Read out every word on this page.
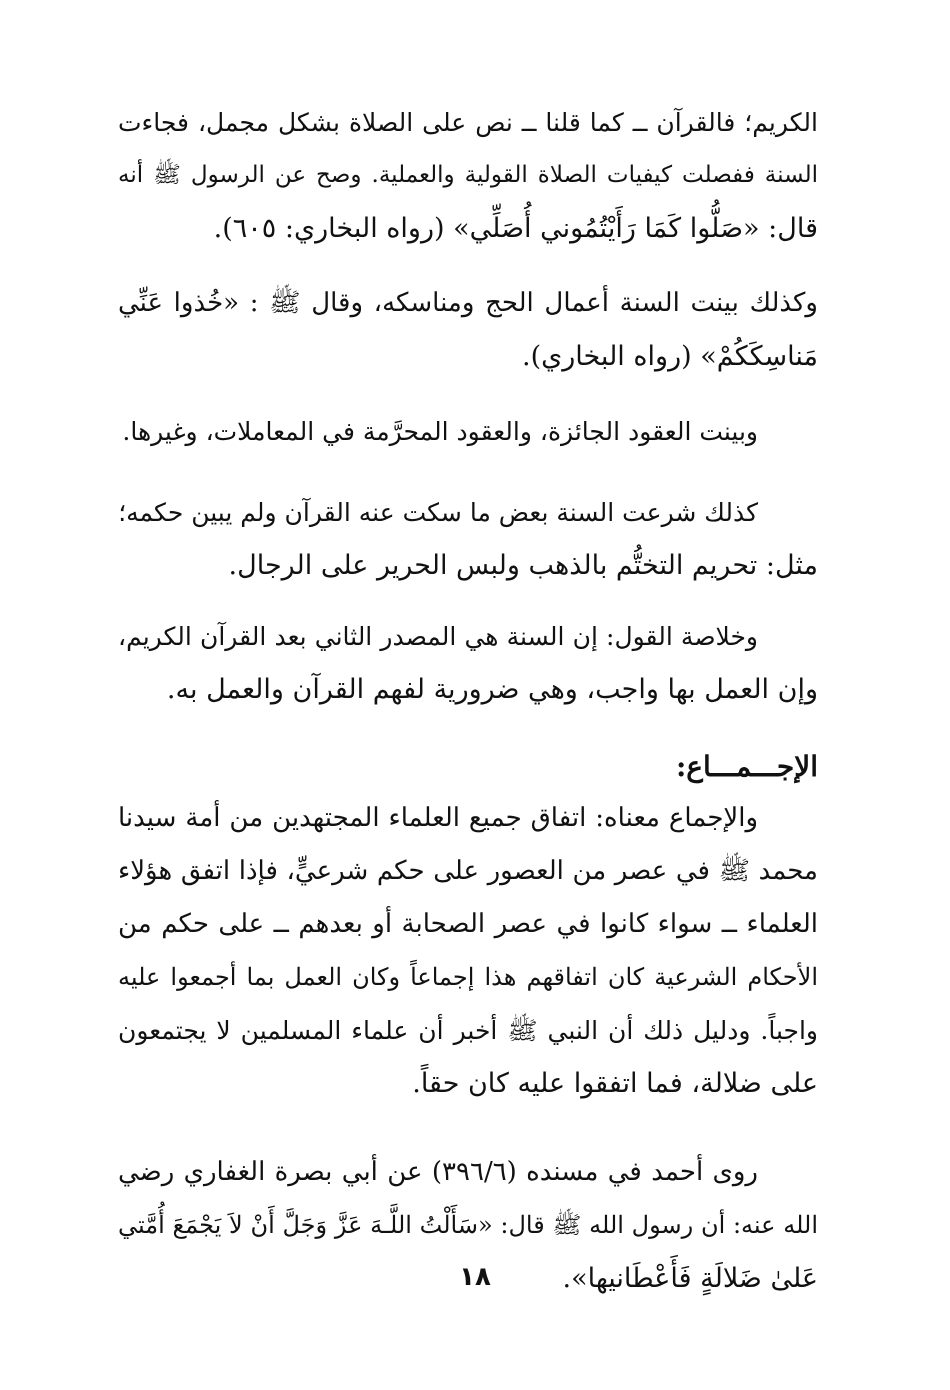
الكريم؛ فالقرآن ــ كما قلنا ــ نص على الصلاة بشكل مجمل، فجاءت
السنة ففصلت كيفيات الصلاة القولية والعملية. وصح عن الرسول ﷺ أنه
قال: «صَلُّوا كَمَا رَأَيْتُمُوني أُصَلِّي» (رواه البخاري: ٦٠٥).
وكذلك بينت السنة أعمال الحج ومناسكه، وقال ﷺ : «خُذوا عَنِّي
مَناسِكَكُمْ» (رواه البخاري).
وبينت العقود الجائزة، والعقود المحرَّمة في المعاملات، وغيرها.
كذلك شرعت السنة بعض ما سكت عنه القرآن ولم يبين حكمه؛
مثل: تحريم التختُّم بالذهب ولبس الحرير على الرجال.
وخلاصة القول: إن السنة هي المصدر الثاني بعد القرآن الكريم،
وإن العمل بها واجب، وهي ضرورية لفهم القرآن والعمل به.
الإجـــمـــاع:
والإجماع معناه: اتفاق جميع العلماء المجتهدين من أمة سيدنا
محمد ﷺ في عصر من العصور على حكم شرعيٍّ، فإذا اتفق هؤلاء
العلماء ــ سواء كانوا في عصر الصحابة أو بعدهم ــ على حكم من
الأحكام الشرعية كان اتفاقهم هذا إجماعاً وكان العمل بما أجمعوا عليه
واجباً. ودليل ذلك أن النبي ﷺ أخبر أن علماء المسلمين لا يجتمعون
على ضلالة، فما اتفقوا عليه كان حقاً.
روى أحمد في مسنده (٣٩٦/٦) عن أبي بصرة الغفاري رضي
الله عنه: أن رسول الله ﷺ قال: «سَأَلْتُ اللَّـهَ عَزَّ وَجَلَّ أَنْ لاَ يَجْمَعَ أُمَّتي
عَلىٰ ضَلالَةٍ فَأَعْطَانيها».
١٨
